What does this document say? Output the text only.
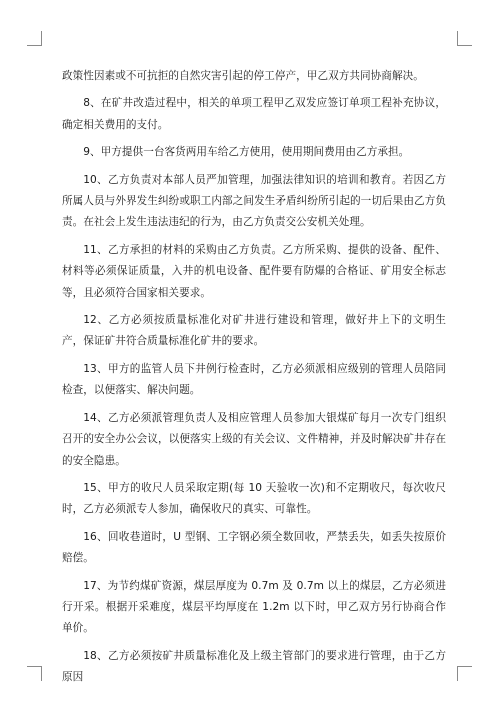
政策性因素或不可抗拒的自然灾害引起的停工停产，甲乙双方共同协商解决。

8、在矿井改造过程中，相关的单项工程甲乙双发应签订单项工程补充协议，确定相关费用的支付。

9、甲方提供一台客货两用车给乙方使用，使用期间费用由乙方承担。

10、乙方负责对本部人员严加管理，加强法律知识的培训和教育。若因乙方所属人员与外界发生纠纷或职工内部之间发生矛盾纠纷所引起的一切后果由乙方负责。在社会上发生违法违纪的行为，由乙方负责交公安机关处理。

11、乙方承担的材料的采购由乙方负责。乙方所采购、提供的设备、配件、材料等必须保证质量，入井的机电设备、配件要有防爆的合格证、矿用安全标志等，且必须符合国家相关要求。

12、乙方必须按质量标准化对矿井进行建设和管理，做好井上下的文明生产，保证矿井符合质量标准化矿井的要求。

13、甲方的监管人员下井例行检查时，乙方必须派相应级别的管理人员陪同检查，以便落实、解决问题。

14、乙方必须派管理负责人及相应管理人员参加大银煤矿每月一次专门组织召开的安全办公会议，以便落实上级的有关会议、文件精神，并及时解决矿井存在的安全隐患。

15、甲方的收尺人员采取定期(每 10 天验收一次)和不定期收尺，每次收尺时，乙方必须派专人参加，确保收尺的真实、可靠性。

16、回收巷道时，U 型钢、工字钢必须全数回收，严禁丢失，如丢失按原价赔偿。

17、为节约煤矿资源，煤层厚度为 0.7m 及 0.7m 以上的煤层，乙方必须进行开采。根据开采难度，煤层平均厚度在 1.2m 以下时，甲乙双方另行协商合作单价。

18、乙方必须按矿井质量标准化及上级主管部门的要求进行管理，由于乙方原因
